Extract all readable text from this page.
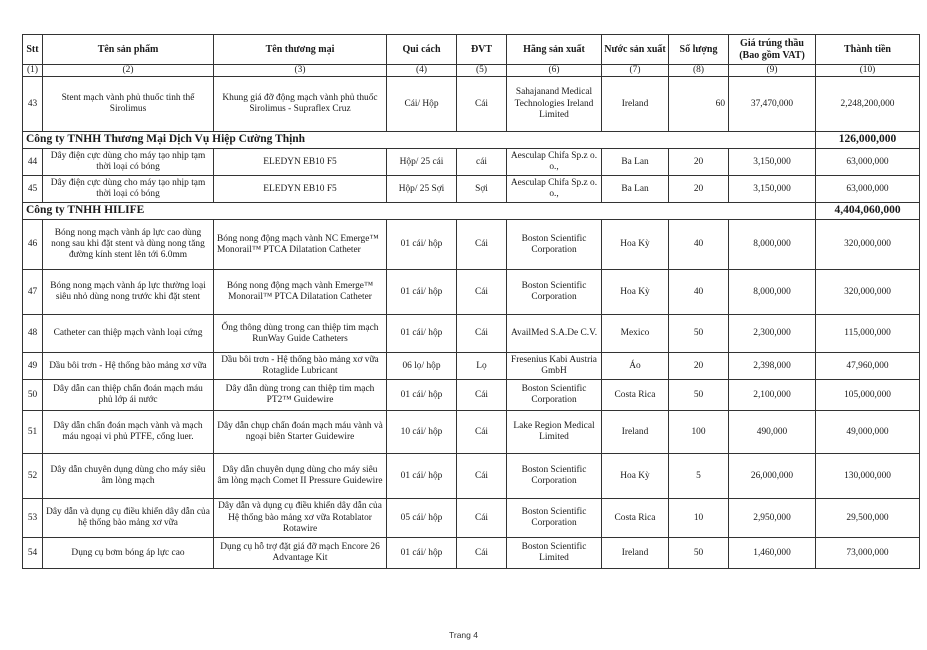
Stt	Tên sản phẩm	Tên thương mại	Qui cách	ĐVT	Hãng sản xuất	Nước sản xuất	Số lượng	Giá trúng thầu (Bao gồm VAT)	Thành tiền
(1)	(2)	(3)	(4)	(5)	(6)	(7)	(8)	(9)	(10)
43	Stent mạch vành phủ thuốc tinh thể Sirolimus	Khung giá đỡ động mạch vành phủ thuốc Sirolimus - Supraflex Cruz	Cái/ Hộp	Cái	Sahajanand Medical Technologies Ireland Limited	Ireland	60	37,470,000	2,248,200,000
Công ty TNHH Thương Mại Dịch Vụ Hiệp Cường Thịnh									126,000,000
44	Dây điện cực dùng cho máy tạo nhịp tạm thời loại có bóng	ELEDYN EB10 F5	Hộp/ 25 cái	cái	Aesculap Chifa Sp.z o. o.,	Ba Lan	20	3,150,000	63,000,000
45	Dây điện cực dùng cho máy tạo nhịp tạm thời loại có bóng	ELEDYN EB10 F5	Hộp/ 25 Sợi	Sợi	Aesculap Chifa Sp.z o. o.,	Ba Lan	20	3,150,000	63,000,000
Công ty TNHH HILIFE									4,404,060,000
46	Bóng nong mạch vành áp lực cao dùng nong sau khi đặt stent và dùng nong tăng đường kính stent lên tới 6.0mm	Bóng nong động mạch vành NC Emerge™ Monorail™ PTCA Dilatation Catheter	01 cái/ hộp	Cái	Boston Scientific Corporation	Hoa Kỳ	40	8,000,000	320,000,000
47	Bóng nong mạch vành áp lực thường loại siêu nhỏ dùng nong trước khi đặt stent	Bóng nong động mạch vành Emerge™ Monorail™ PTCA Dilatation Catheter	01 cái/ hộp	Cái	Boston Scientific Corporation	Hoa Kỳ	40	8,000,000	320,000,000
48	Catheter can thiệp mạch vành loại cứng	Ống thông dùng trong can thiệp tim mạch RunWay Guide Catheters	01 cái/ hộp	Cái	AvailMed S.A.De C.V.	Mexico	50	2,300,000	115,000,000
49	Dầu bôi trơn - Hệ thống bào mảng xơ vữa	Dầu bôi trơn - Hệ thống bào mảng xơ vữa Rotaglide Lubricant	06 lọ/ hộp	Lọ	Fresenius Kabi Austria GmbH	Áo	20	2,398,000	47,960,000
50	Dây dẫn can thiệp chẩn đoán mạch máu phủ lớp ái nước	Dây dẫn dùng trong can thiệp tim mạch PT2™ Guidewire	01 cái/ hộp	Cái	Boston Scientific Corporation	Costa Rica	50	2,100,000	105,000,000
51	Dây dẫn chẩn đoán mạch vành và mạch máu ngoại vi phủ PTFE, cổng luer.	Dây dẫn chụp chẩn đoán mạch máu vành và ngoại biên Starter Guidewire	10 cái/ hộp	Cái	Lake Region Medical Limited	Ireland	100	490,000	49,000,000
52	Dây dẫn chuyên dụng dùng cho máy siêu âm lòng mạch	Dây dẫn chuyên dụng dùng cho máy siêu âm lòng mạch Comet II Pressure Guidewire	01 cái/ hộp	Cái	Boston Scientific Corporation	Hoa Kỳ	5	26,000,000	130,000,000
53	Dây dẫn và dụng cụ điều khiển dây dẫn của hệ thống bào mảng xơ vữa	Dây dẫn và dụng cụ điều khiển dây dẫn của Hệ thống bào mảng xơ vữa Rotablator Rotawire	05 cái/ hộp	Cái	Boston Scientific Corporation	Costa Rica	10	2,950,000	29,500,000
54	Dụng cụ bơm bóng áp lực cao	Dụng cụ hỗ trợ đặt giá đỡ mạch Encore 26 Advantage Kit	01 cái/ hộp	Cái	Boston Scientific Limited	Ireland	50	1,460,000	73,000,000
Trang 4
